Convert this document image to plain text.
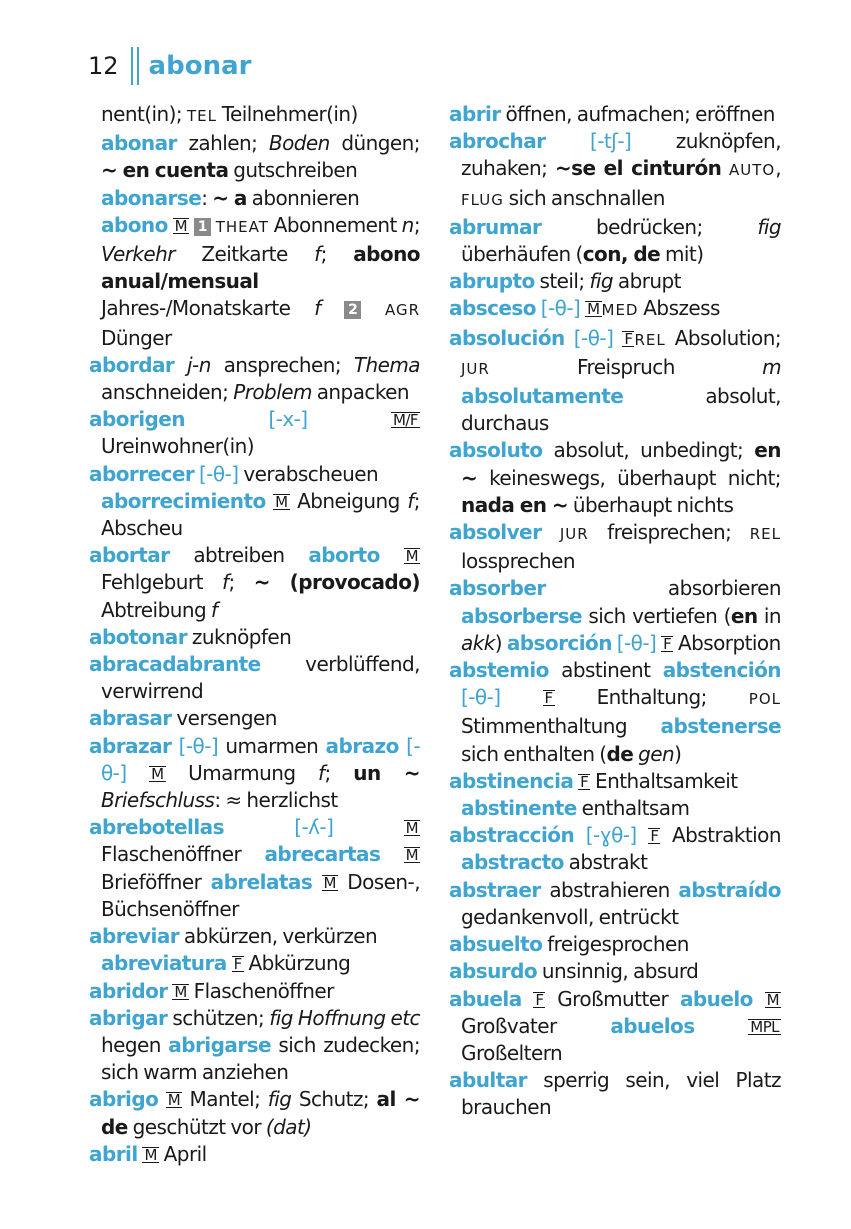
12 abonar
nent(in); TEL Teilnehmer(in)
abonar zahlen; Boden düngen; ~ en cuenta gutschreiben
abonarse: ~ a abonnieren
abono M 1 THEAT Abonnement n; Verkehr Zeitkarte f; abono anual/mensual Jahres-/Monatskarte f 2 AGR Dünger
abordar j-n ansprechen; Thema anschneiden; Problem anpacken
aborigen	[-x-]	M/F Ureinwohner(in)
aborrecer [-θ-] verabscheuen
aborrecimiento M Abneigung f; Abscheu
abortar abtreiben aborto M Fehlgeburt f; ~ (provocado) Abtreibung f
abotonar zuknöpfen
abracadabrante verblüffend, verwirrend
abrasar versengen
abrazar [-θ-] umarmen abrazo [-θ-] M Umarmung f; un ~ Briefschluss: ≈ herzlichst
abrebotellas	[-ʎ-]	M Flaschenöffner abrecartas M Brieföffner abrelatas M Dosen-, Büchsenöffner
abreviar abkürzen, verkürzen
abreviatura F Abkürzung
abridor M Flaschenöffner
abrigar schützen; fig Hoffnung etc hegen abrigarse sich zudecken; sich warm anziehen
abrigo M Mantel; fig Schutz; al ~ de geschützt vor (dat)
abril M April
abrir öffnen, aufmachen; eröffnen
abrochar [-tʃ-] zuknöpfen, zuhaken; ~se el cinturón AUTO, FLUG sich anschnallen
abrumar bedrücken; fig überhäufen (con, de mit)
abrupto steil; fig abrupt
absceso [-θ-] M MED Abszess
absolución [-θ-] F REL Absolution; JUR Freispruch m absolutamente absolut, durchaus
absoluto absolut, unbedingt; en ~ keineswegs, überhaupt nicht; nada en ~ überhaupt nichts
absolver JUR freisprechen; REL lossprechen
absorber absorbieren absorberse sich vertiefen (en in akk) absorción [-θ-] F Absorption
abstemio abstinent abstención [-θ-]	F Enthaltung; POL Stimmenthaltung abstenerse sich enthalten (de gen)
abstinencia F Enthaltsamkeit
abstinente enthaltsam
abstracción [-ɣθ-] F Abstraktion abstracto abstrakt
abstraer abstrahieren abstraído gedankenvoll, entrückt
absuelto freigesprochen
absurdo unsinnig, absurd
abuela F Großmutter abuelo M Großvater abuelos	MPL Großeltern
abultar sperrig sein, viel Platz brauchen
